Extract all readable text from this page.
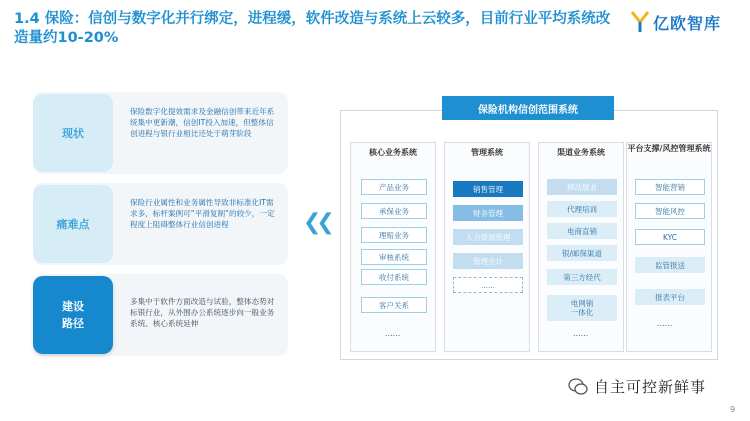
1.4 保险：信创与数字化并行绑定，进程缓，软件改造与系统上云较多，目前行业平均系统改造量约10-20%
亿欧智库
现状
保险数字化提效需求及金融信创带来近年系统集中更新潮，信创IT投入加速，但整体信创进程与银行业相比还处于萌芽阶段
痛难点
保险行业属性和业务属性导致非标准化IT需求多，标杆案例可“平滑复制”的较少，一定程度上阻碍整体行业信创进程
建设
路径
多集中于软件方面改造与试验，整体态势对标银行业，从外围办公系统逐步向一般业务系统、核心系统延伸
❮❮
保险机构信创范围系统
核心业务系统
产品业务
承保业务
理赔业务
审核系统
收付系统
客户关系
......
管理系统
销售管理
财务管理
人力资源管理
管理会计
......
渠道业务系统
移动展业
代理培训
电商直销
银/邮保渠道
第三方经代
电网销
一体化
......
平台支撑/风控管理系统
智能营销
智能风控
KYC
监管报送
报表平台
......
自主可控新鲜事
9
